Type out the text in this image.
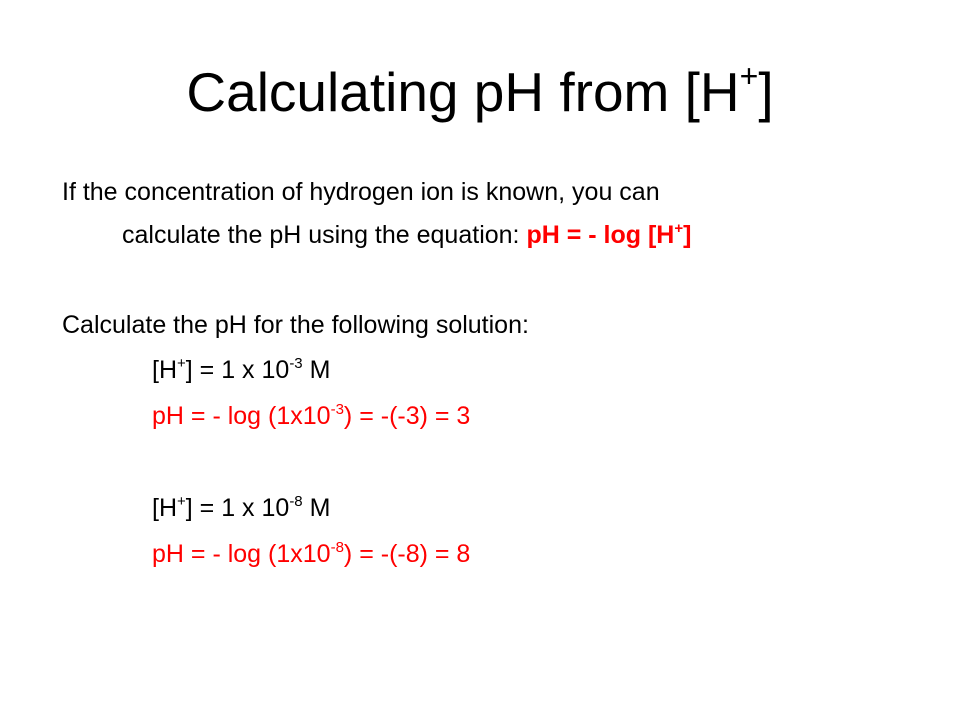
Calculating pH from [H+]
If the concentration of hydrogen ion is known, you can
calculate the pH using the equation: pH = - log [H+]
Calculate the pH for the following solution:
[H+] = 1 x $10^{-3}$ M
pH = - $\log (1x10^{-3}) = -(-3) = 3$
[H+] = 1 x $10^{-8}$ M
pH = - $\log (1x10^{-8}) = -(-8) = 8$
